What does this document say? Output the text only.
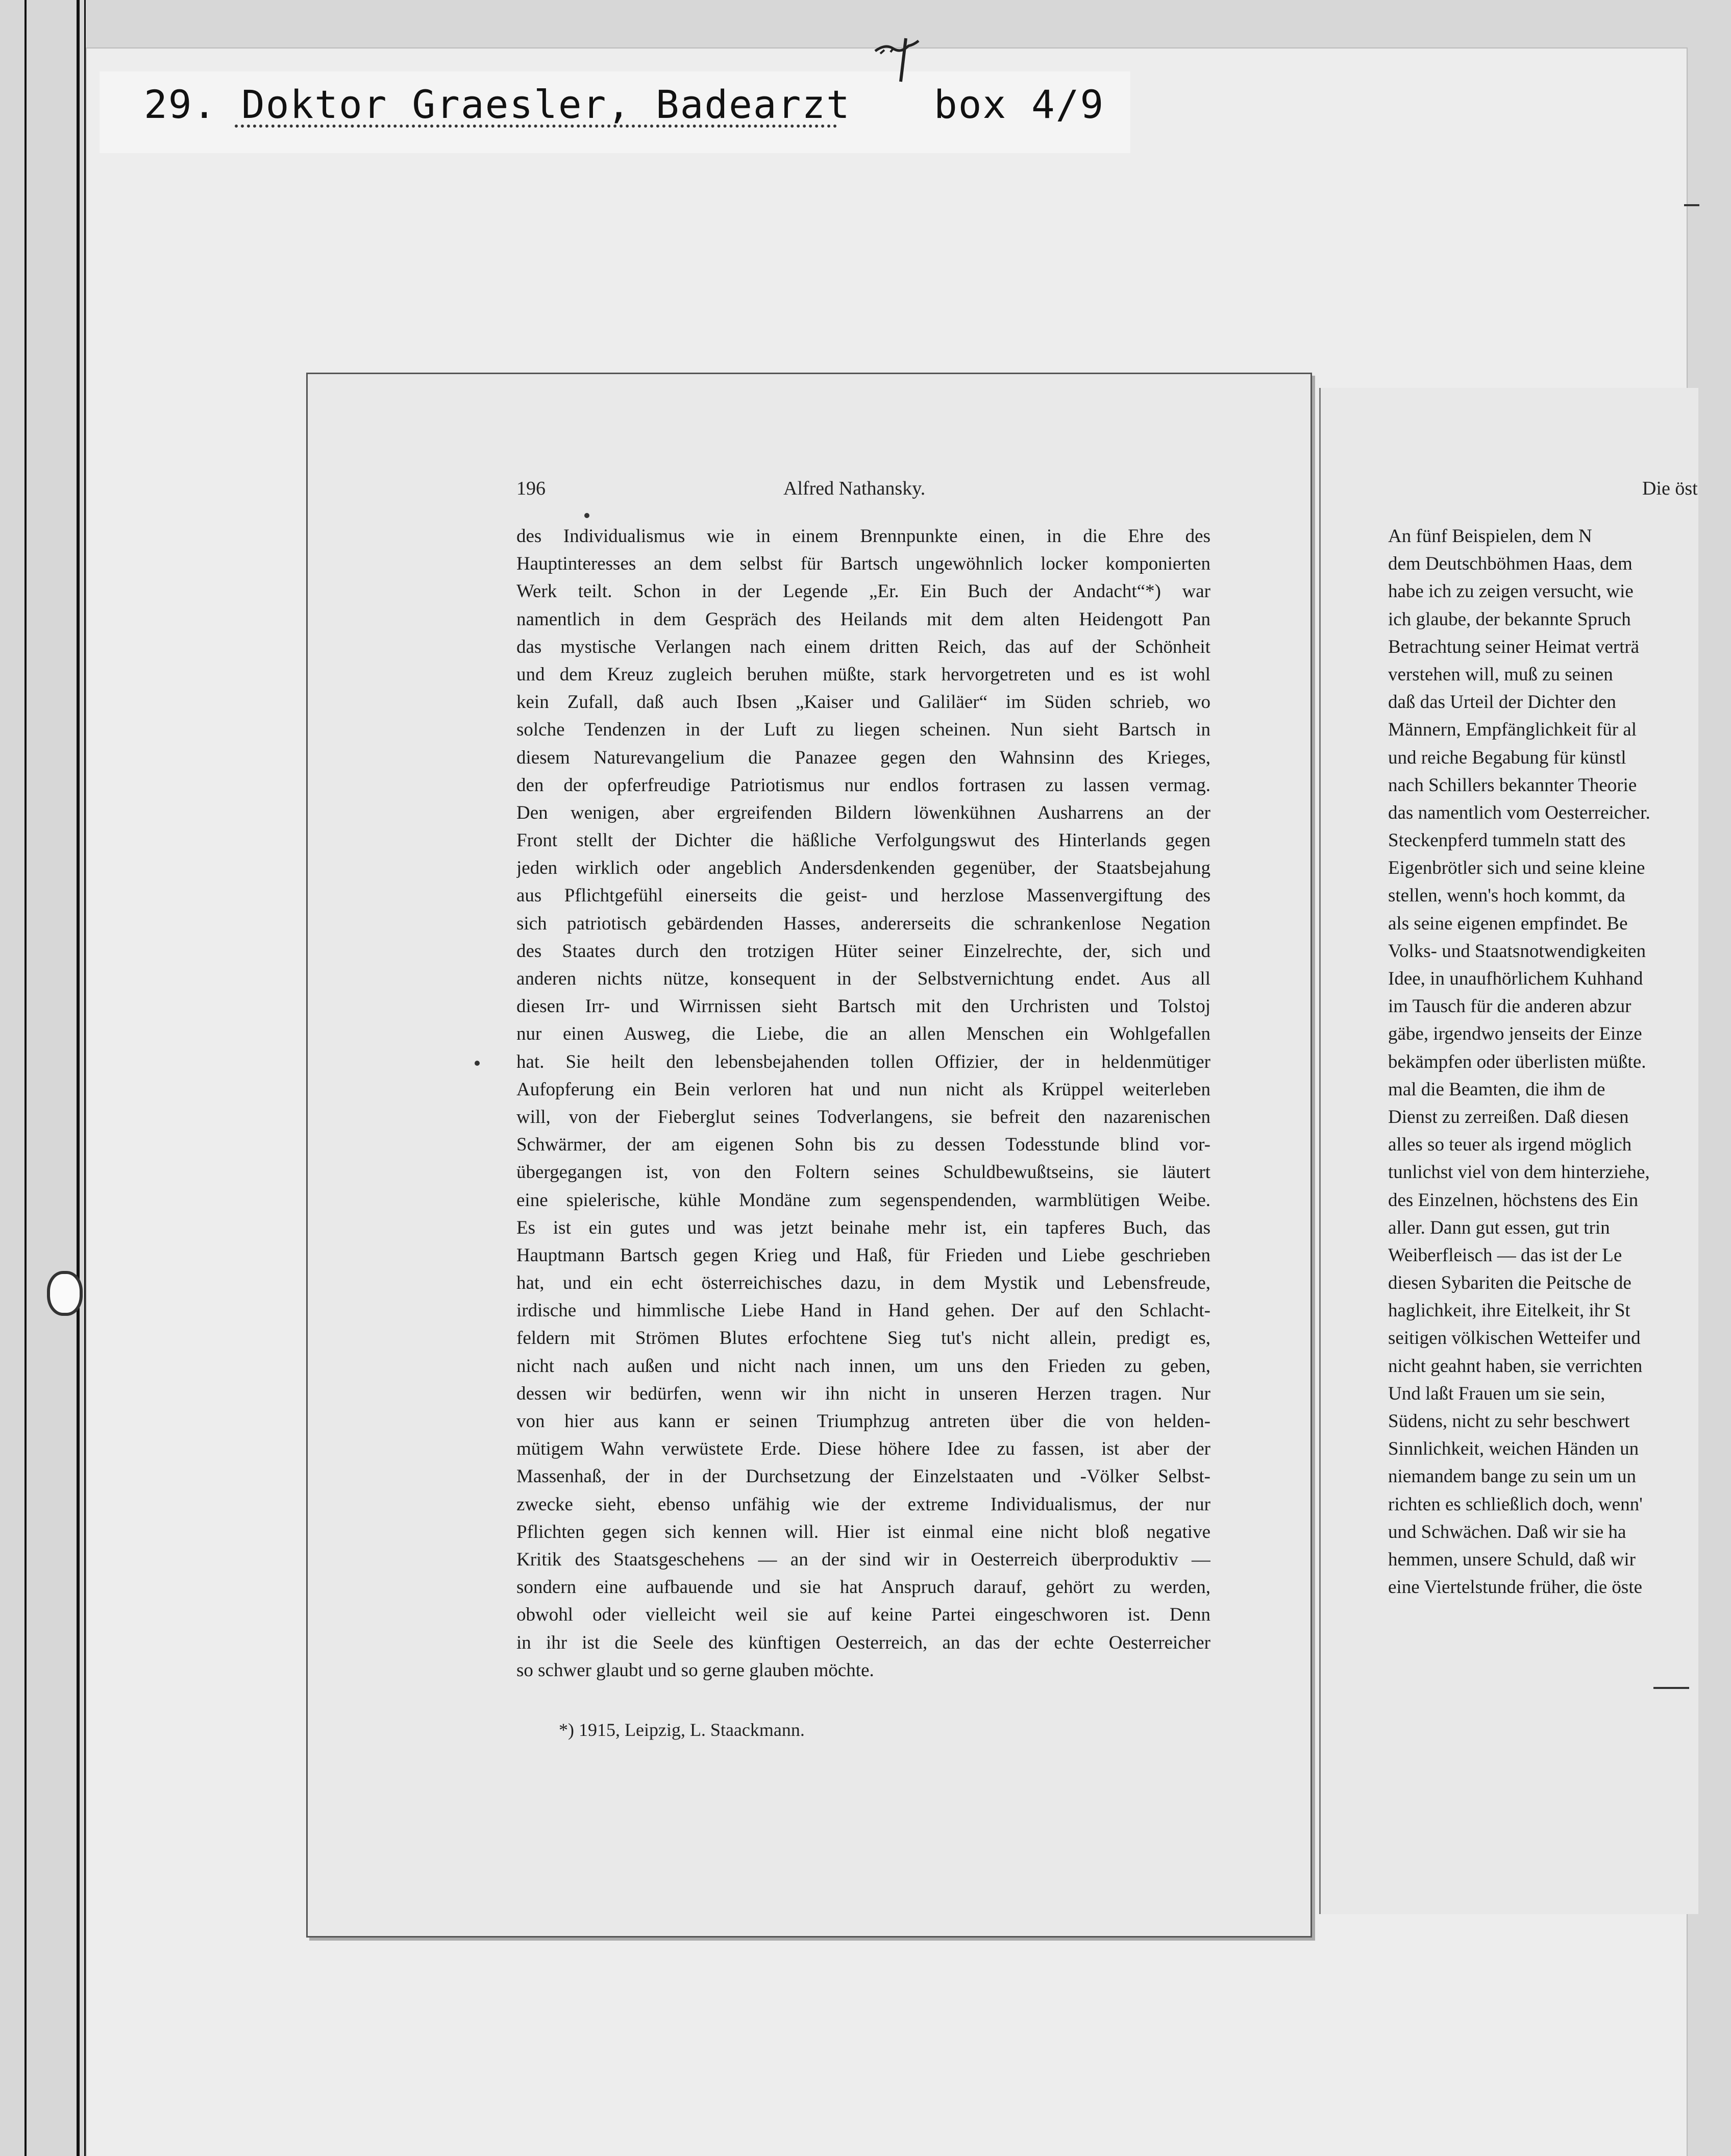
29. Doktor Graesler, Badearzt box 4/9
196	Alfred Nathansky.	Die öst
des Individualismus wie in einem Brennpunkte einen, in die Ehre des
Hauptinteresses an dem selbst für Bartsch ungewöhnlich locker komponierten
Werk teilt. Schon in der Legende „Er. Ein Buch der Andacht“*) war
namentlich in dem Gespräch des Heilands mit dem alten Heidengott Pan
das mystische Verlangen nach einem dritten Reich, das auf der Schönheit
und dem Kreuz zugleich beruhen müßte, stark hervorgetreten und es ist wohl
kein Zufall, daß auch Ibsen „Kaiser und Galiläer“ im Süden schrieb, wo
solche Tendenzen in der Luft zu liegen scheinen. Nun sieht Bartsch in
diesem Naturevangelium die Panazee gegen den Wahnsinn des Krieges,
den der opferfreudige Patriotismus nur endlos fortrasen zu lassen vermag.
Den wenigen, aber ergreifenden Bildern löwenkühnen Ausharrens an der
Front stellt der Dichter die häßliche Verfolgungswut des Hinterlands gegen
jeden wirklich oder angeblich Andersdenkenden gegenüber, der Staatsbejahung
aus Pflichtgefühl einerseits die geist- und herzlose Massenvergiftung des
sich patriotisch gebärdenden Hasses, andererseits die schrankenlose Negation
des Staates durch den trotzigen Hüter seiner Einzelrechte, der, sich und
anderen nichts nütze, konsequent in der Selbstvernichtung endet. Aus all
diesen Irr- und Wirrnissen sieht Bartsch mit den Urchristen und Tolstoj
nur einen Ausweg, die Liebe, die an allen Menschen ein Wohlgefallen
hat. Sie heilt den lebensbejahenden tollen Offizier, der in heldenmütiger
Aufopferung ein Bein verloren hat und nun nicht als Krüppel weiterleben
will, von der Fieberglut seines Todverlangens, sie befreit den nazarenischen
Schwärmer, der am eigenen Sohn bis zu dessen Todesstunde blind vor-
übergegangen ist, von den Foltern seines Schuldbewußtseins, sie läutert
eine spielerische, kühle Mondäne zum segenspendenden, warmblütigen Weibe.
Es ist ein gutes und was jetzt beinahe mehr ist, ein tapferes Buch, das
Hauptmann Bartsch gegen Krieg und Haß, für Frieden und Liebe geschrieben
hat, und ein echt österreichisches dazu, in dem Mystik und Lebensfreude,
irdische und himmlische Liebe Hand in Hand gehen. Der auf den Schlacht-
feldern mit Strömen Blutes erfochtene Sieg tut's nicht allein, predigt es,
nicht nach außen und nicht nach innen, um uns den Frieden zu geben,
dessen wir bedürfen, wenn wir ihn nicht in unseren Herzen tragen. Nur
von hier aus kann er seinen Triumphzug antreten über die von helden-
mütigem Wahn verwüstete Erde. Diese höhere Idee zu fassen, ist aber der
Massenhaß, der in der Durchsetzung der Einzelstaaten und -Völker Selbst-
zwecke sieht, ebenso unfähig wie der extreme Individualismus, der nur
Pflichten gegen sich kennen will. Hier ist einmal eine nicht bloß negative
Kritik des Staatsgeschehens — an der sind wir in Oesterreich überproduktiv —
sondern eine aufbauende und sie hat Anspruch darauf, gehört zu werden,
obwohl oder vielleicht weil sie auf keine Partei eingeschworen ist. Denn
in ihr ist die Seele des künftigen Oesterreich, an das der echte Oesterreicher
so schwer glaubt und so gerne glauben möchte.
*) 1915, Leipzig, L. Staackmann.
An fünf Beispielen, dem N
dem Deutschböhmen Haas, dem
habe ich zu zeigen versucht, wie
ich glaube, der bekannte Spruch
Betrachtung seiner Heimat verträ
verstehen will, muß zu seinen
daß das Urteil der Dichter den
Männern, Empfänglichkeit für al
und reiche Begabung für künstl
nach Schillers bekannter Theorie
das namentlich vom Oesterreicher.
Steckenpferd tummeln statt des
Eigenbrötler sich und seine kleine
stellen, wenn's hoch kommt, da
als seine eigenen empfindet. Be
Volks- und Staatsnotwendigkeiten
Idee, in unaufhörlichem Kuhhand
im Tausch für die anderen abzur
gäbe, irgendwo jenseits der Einze
bekämpfen oder überlisten müßte.
mal die Beamten, die ihm de
Dienst zu zerreißen. Daß diesen
alles so teuer als irgend möglich
tunlichst viel von dem hinterziehe,
des Einzelnen, höchstens des Ein
aller. Dann gut essen, gut trin
Weiberfleisch — das ist der Le
diesen Sybariten die Peitsche de
haglichkeit, ihre Eitelkeit, ihr St
seitigen völkischen Wetteifer und
nicht geahnt haben, sie verrichten
Und laßt Frauen um sie sein,
Südens, nicht zu sehr beschwert
Sinnlichkeit, weichen Händen un
niemandem bange zu sein um un
richten es schließlich doch, wenn'
und Schwächen. Daß wir sie ha
hemmen, unsere Schuld, daß wir
eine Viertelstunde früher, die öste
